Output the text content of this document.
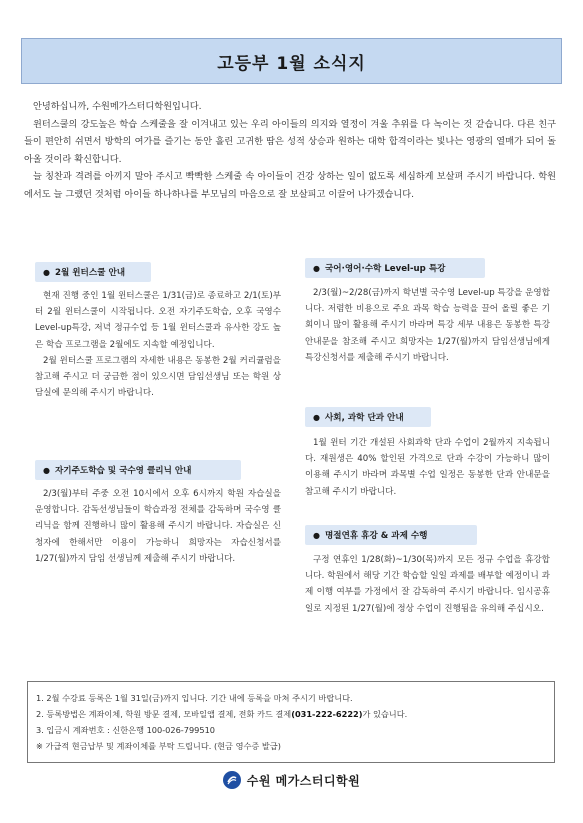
고등부 1월 소식지

안녕하십니까, 수원메가스터디학원입니다.

윈터스쿨의 강도높은 학습 스케줄을 잘 이겨내고 있는 우리 아이들의 의지와 열정이 겨울 추위를 다 녹이는 것 같습니다. 다른 친구들이 편안히 쉬면서 방학의 여가를 즐기는 동안 흘린 고귀한 땀은 성적 상승과 원하는 대학 합격이라는 빛나는 영광의 열매가 되어 돌아올 것이라 확신합니다.

늘 칭찬과 격려를 아끼지 말아 주시고 빡빡한 스케줄 속 아이들이 건강 상하는 일이 없도록 세심하게 보살펴 주시기 바랍니다. 학원에서도 늘 그랬던 것처럼 아이들 하나하나를 부모님의 마음으로 잘 보살피고 이끌어 나가겠습니다.

● 2월 윈터스쿨 안내

현재 진행 중인 1월 윈터스쿨은 1/31(금)로 종료하고 2/1(토)부터 2월 윈터스쿨이 시작됩니다. 오전 자기주도학습, 오후 국영수 Level-up특강, 저녁 정규수업 등 1월 윈터스쿨과 유사한 강도 높은 학습 프로그램을 2월에도 지속할 예정입니다.

2월 윈터스쿨 프로그램의 자세한 내용은 동봉한 2월 커리큘럼을 참고해 주시고 더 궁금한 점이 있으시면 담임선생님 또는 학원 상담실에 문의해 주시기 바랍니다.

● 자기주도학습 및 국수영 클리닉 안내

2/3(월)부터 주중 오전 10시에서 오후 6시까지 학원 자습실을 운영합니다. 감독선생님들이 학습과정 전체를 감독하며 국수영 클리닉을 함께 진행하니 많이 활용해 주시기 바랍니다. 자습실은 신청자에 한해서만 이용이 가능하니 희망자는 자습신청서를 1/27(월)까지 담임 선생님께 제출해 주시기 바랍니다.

● 국어·영어·수학 Level-up 특강

2/3(월)~2/28(금)까지 학년별 국수영 Level-up 특강을 운영합니다. 저렴한 비용으로 주요 과목 학습 능력을 끌어 올릴 좋은 기회이니 많이 활용해 주시기 바라며 특강 세부 내용은 동봉한 특강 안내문을 참조해 주시고 희망자는 1/27(월)까지 담임선생님에게 특강신청서를 제출해 주시기 바랍니다.

● 사회, 과학 단과 안내

1월 윈터 기간 개설된 사회과학 단과 수업이 2월까지 지속됩니다. 재원생은 40% 할인된 가격으로 단과 수강이 가능하니 많이 이용해 주시기 바라며 과목별 수업 일정은 동봉한 단과 안내문을 참고해 주시기 바랍니다.

● 명절연휴 휴강 & 과제 수행

구정 연휴인 1/28(화)~1/30(목)까지 모든 정규 수업을 휴강합니다. 학원에서 해당 기간 학습할 일일 과제를 배부할 예정이니 과제 이행 여부를 가정에서 잘 감독하여 주시기 바랍니다. 임시공휴일로 지정된 1/27(월)에 정상 수업이 진행됨을 유의해 주십시오.

1. 2월 수강료 등록은 1월 31일(금)까지 입니다. 기간 내에 등록을 마쳐 주시기 바랍니다.
2. 등록방법은 계좌이체, 학원 방문 결제, 모바일앱 결제, 전화 카드 결제(031-222-6222)가 있습니다.
3. 입금시 계좌번호 : 신한은행 100-026-799510
※ 가급적 현금납부 및 계좌이체를 부탁 드립니다. (현금 영수증 발급)
수원 메가스터디학원
